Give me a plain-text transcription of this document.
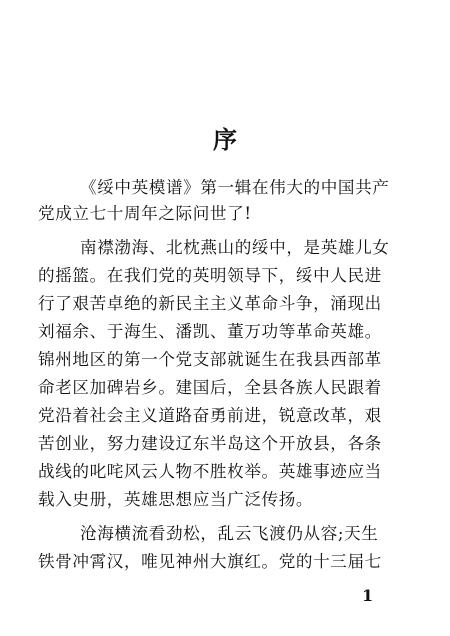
序
《绥中英模谱》第一辑在伟大的中国共产
党成立七十周年之际问世了!
南襟渤海、北枕燕山的绥中，是英雄儿女
的摇篮。在我们党的英明领导下，绥中人民进
行了艰苦卓绝的新民主主义革命斗争，涌现出
刘福余、于海生、潘凯、董万功等革命英雄。
锦州地区的第一个党支部就诞生在我县西部革
命老区加碑岩乡。建国后，全县各族人民跟着
党沿着社会主义道路奋勇前进，锐意改革，艰
苦创业，努力建设辽东半岛这个开放县，各条
战线的叱咤风云人物不胜枚举。英雄事迹应当
载入史册，英雄思想应当广泛传扬。
沧海横流看劲松，乱云飞渡仍从容;天生
铁骨冲霄汉，唯见神州大旗红。党的十三届七
1
